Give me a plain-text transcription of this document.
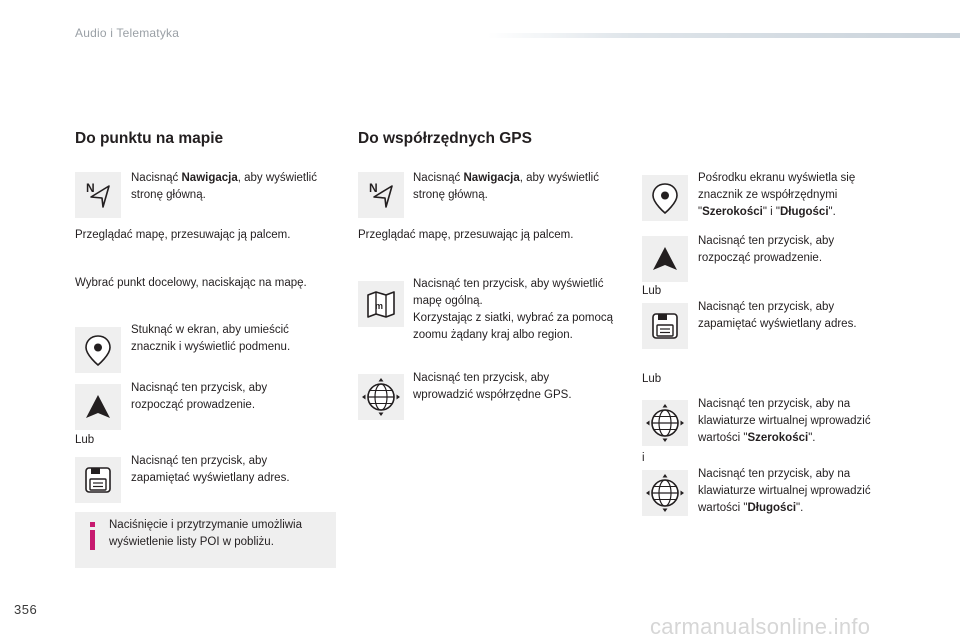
Audio i Telematyka
Do punktu na mapie
N
Nacisnąć Nawigacja, aby wyświetlić stronę główną.
Przeglądać mapę, przesuwając ją palcem.
Wybrać punkt docelowy, naciskając na mapę.
Stuknąć w ekran, aby umieścić znacznik i wyświetlić podmenu.
Nacisnąć ten przycisk, aby rozpocząć prowadzenie.
Lub
Nacisnąć ten przycisk, aby zapamiętać wyświetlany adres.
Naciśnięcie i przytrzymanie umożliwia wyświetlenie listy POI w pobliżu.
Do współrzędnych GPS
N
Nacisnąć Nawigacja, aby wyświetlić stronę główną.
Przeglądać mapę, przesuwając ją palcem.
m
Nacisnąć ten przycisk, aby wyświetlić mapę ogólną.
Korzystając z siatki, wybrać za pomocą zoomu żądany kraj albo region.
Nacisnąć ten przycisk, aby wprowadzić współrzędne GPS.
Pośrodku ekranu wyświetla się znacznik ze współrzędnymi "Szerokości" i "Długości".
Nacisnąć ten przycisk, aby rozpocząć prowadzenie.
Lub
Nacisnąć ten przycisk, aby zapamiętać wyświetlany adres.
Lub
Nacisnąć ten przycisk, aby na klawiaturze wirtualnej wprowadzić wartości "Szerokości".
i
Nacisnąć ten przycisk, aby na klawiaturze wirtualnej wprowadzić wartości "Długości".
356
carmanualsonline.info
